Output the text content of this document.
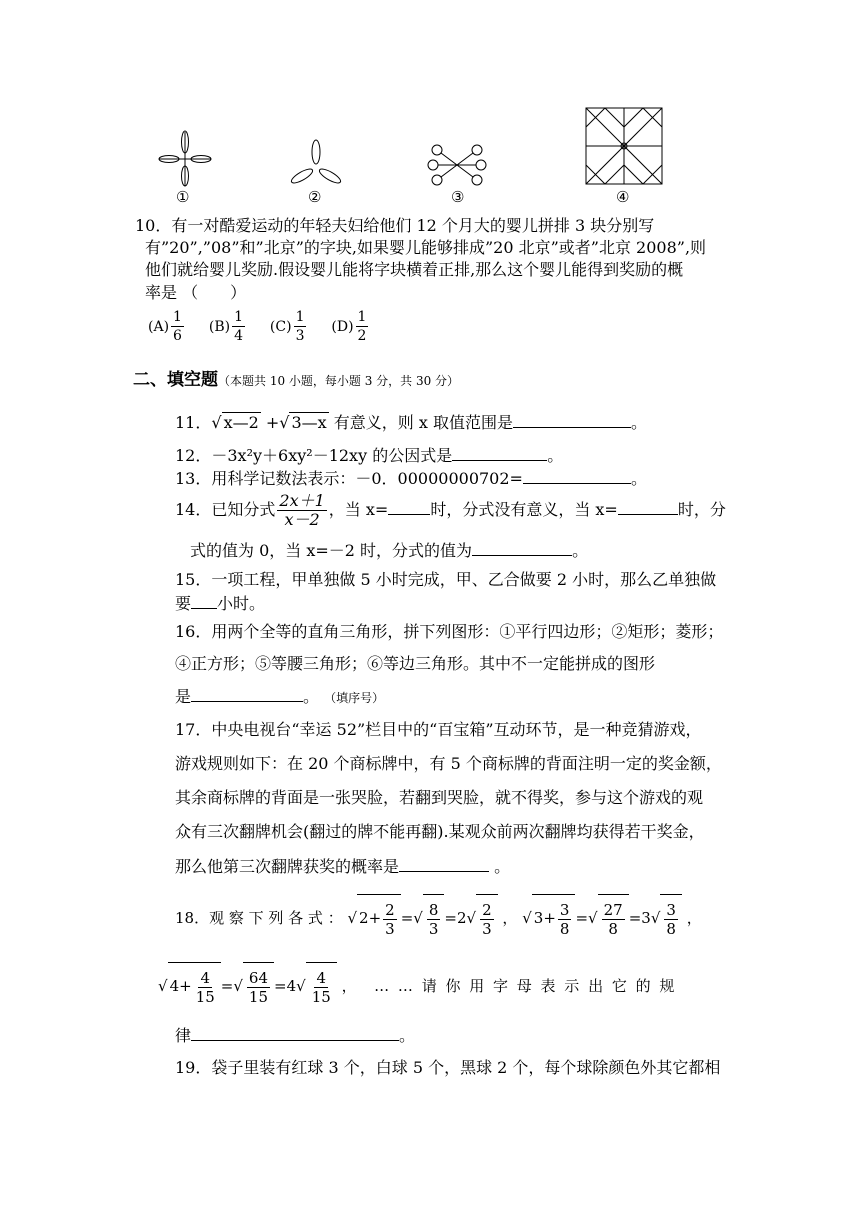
①	②	③	④
10．有一对酷爱运动的年轻夫妇给他们 12 个月大的婴儿拼排 3 块分别写
有”20”,”08”和”北京”的字块,如果婴儿能够排成”20 北京”或者”北京 2008”,则
他们就给婴儿奖励.假设婴儿能将字块横着正排,那么这个婴儿能得到奖励的概
率是 （　　）
$(A) \frac{1}{6} (B) \frac{1}{4} (C) \frac{1}{3} (D) \frac{1}{2}$
二、填空题（本题共 10 小题，每小题 3 分，共 30 分）
11．√ x—2 +√ 3—x 有意义，则 x 取值范围是	。
12．－3x²y＋6xy²－12xy 的公因式是	。
13．用科学记数法表示：－0．00000000702=	。
14．已知分式 $\frac{2x+1}{x-2}$ ，当 x=	时，分式没有意义，当 x=	时，分
式的值为 0，当 x=－2 时，分式的值为	。
15．一项工程，甲单独做 5 小时完成，甲、乙合做要 2 小时，那么乙单独做
要 小时。
16．用两个全等的直角三角形，拼下列图形：①平行四边形；②矩形；菱形；
④正方形；⑤等腰三角形；⑥等边三角形。其中不一定能拼成的图形
是	。 （填序号）
17．中央电视台“幸运 52”栏目中的“百宝箱”互动环节，是一种竞猜游戏，
游戏规则如下：在 20 个商标牌中，有 5 个商标牌的背面注明一定的奖金额，
其余商标牌的背面是一张哭脸，若翻到哭脸，就不得奖，参与这个游戏的观
众有三次翻牌机会(翻过的牌不能再翻).某观众前两次翻牌均获得若干奖金，
那么他第三次翻牌获奖的概率是	。
18．观 察 下 列 各 式 ： √ $2+ \frac{2}{3}$ =√ $\frac{8}{3} =2√ \frac{2}{3}$ ， √ $3+ \frac{3}{8}$ =√ $\frac{27}{8} =3√ \frac{3}{8}$ ，
√ $4+ \frac{4}{15}$ =√ $\frac{64}{15} =4√ \frac{4}{15}$ ， … … 请 你 用 字 母 表 示 出 它 的 规
律	。
19．袋子里装有红球 3 个，白球 5 个，黑球 2 个，每个球除颜色外其它都相
